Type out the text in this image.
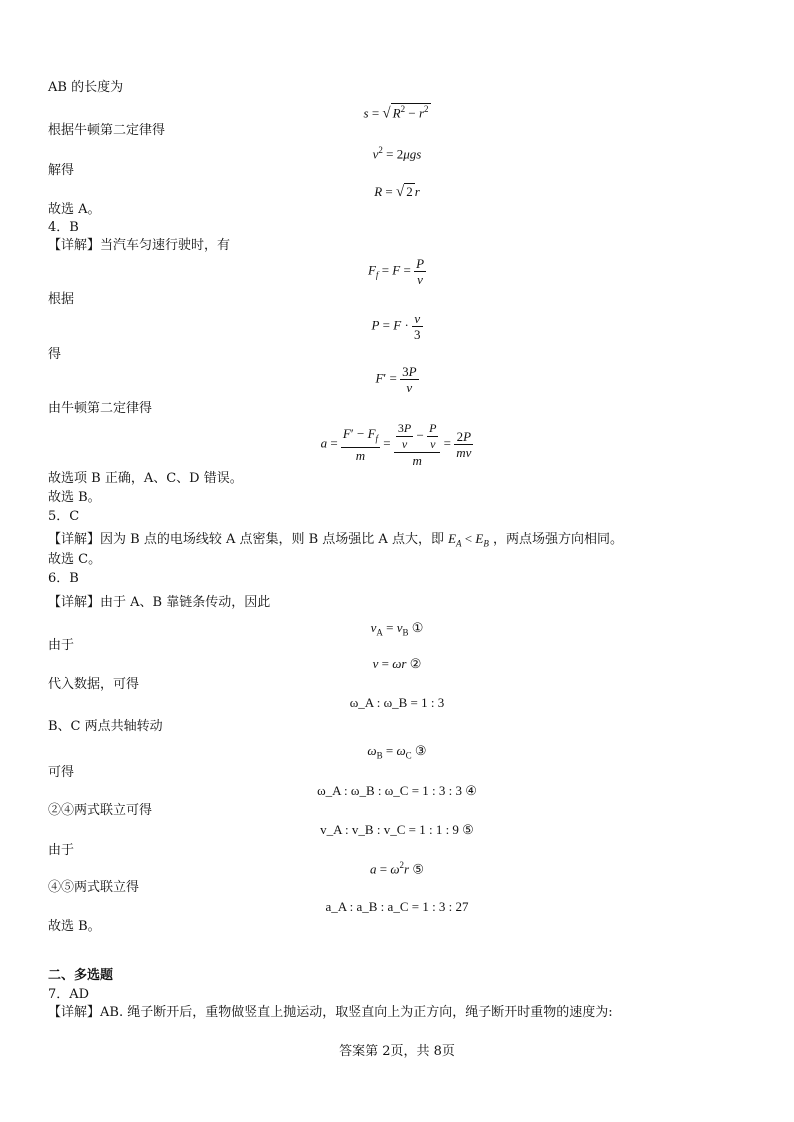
AB 的长度为
s = √ $R^2 - r^2$
根据牛顿第二定律得
$v^2 = 2\mu gs$
解得
R = √ 2 r
故选 A。
4．B
【详解】当汽车匀速行驶时，有
$F_f = F = \frac{P}{v}$
根据
$P = F \cdot \frac{v}{3}$
得
$F' = \frac{3P}{v}$
由牛顿第二定律得
$a = \frac{F' - F_f}{m} = \frac{\frac{3P}{v} - \frac{P}{v}}{m} = \frac{2P}{mv}$
故选项 B 正确，A、C、D 错误。
故选 B。
5．C
【详解】因为 B 点的电场线较 A 点密集，则 B 点场强比 A 点大，即 $E_A < E_B$ ，两点场强方向相同。
故选 C。
6．B
【详解】由于 A、B 靠链条传动，因此
$v_A = v_B$ ①
由于
v = ωr ②
代入数据，可得
ω_A : ω_B = 1 : 3
B、C 两点共轴转动
$\omega_B = \omega_C$ ③
可得
ω_A : ω_B : ω_C = 1 : 3 : 3 ④
②④两式联立可得
v_A : v_B : v_C = 1 : 1 : 9 ⑤
由于
$a = \omega^2r$ ⑤
④⑤两式联立得
a_A : a_B : a_C = 1 : 3 : 27
故选 B。
二、多选题
7．AD
【详解】AB. 绳子断开后，重物做竖直上抛运动，取竖直向上为正方向，绳子断开时重物的速度为:
答案第 2页，共 8页
